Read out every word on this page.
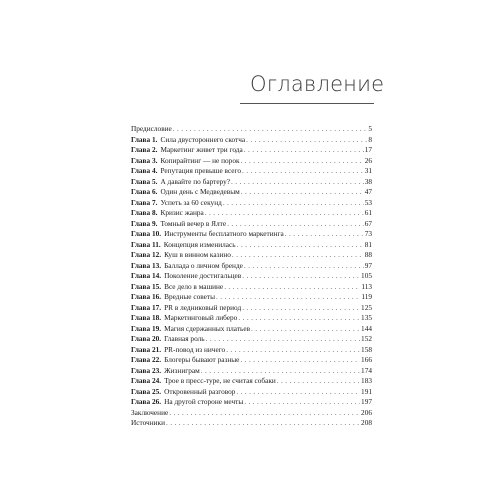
Оглавление
Предисловие . . .	5
Глава 1. Сила двустороннего скотча . . .	8
Глава 2. Маркетинг живет три года . . .	17
Глава 3. Копирайтинг — не порок . . .	26
Глава 4. Репутация превыше всего . . .	31
Глава 5. А давайте по бартеру? . . .	38
Глава 6. Один день с Медведевым . . .	47
Глава 7. Успеть за 60 секунд . . .	53
Глава 8. Кризис жанра . . .	61
Глава 9. Томный вечер в Ялте . . .	67
Глава 10. Инструменты бесплатного маркетинга . . .	73
Глава 11. Концепция изменилась . . .	81
Глава 12. Куш в винном казино . . .	88
Глава 13. Баллада о личном бренде . . .	97
Глава 14. Поколение достигальцев . . .	105
Глава 15. Все дело в машине . . .	113
Глава 16. Вредные советы . . .	119
Глава 17. PR в ледниковый период . . .	125
Глава 18. Маркетинговый либеро . . .	135
Глава 19. Магия сдержанных платьев . . .	144
Глава 20. Главная роль . . .	152
Глава 21. PR-повод из ничего . . .	158
Глава 22. Блогеры бывают разные . . .	166
Глава 23. Жизниграм . . .	174
Глава 24. Трое в пресс-туре, не считая собаки . . .	183
Глава 25. Откровенный разговор . . .	191
Глава 26. На другой стороне мечты . . .	197
Заключение . . .	206
Источники . . .	208
